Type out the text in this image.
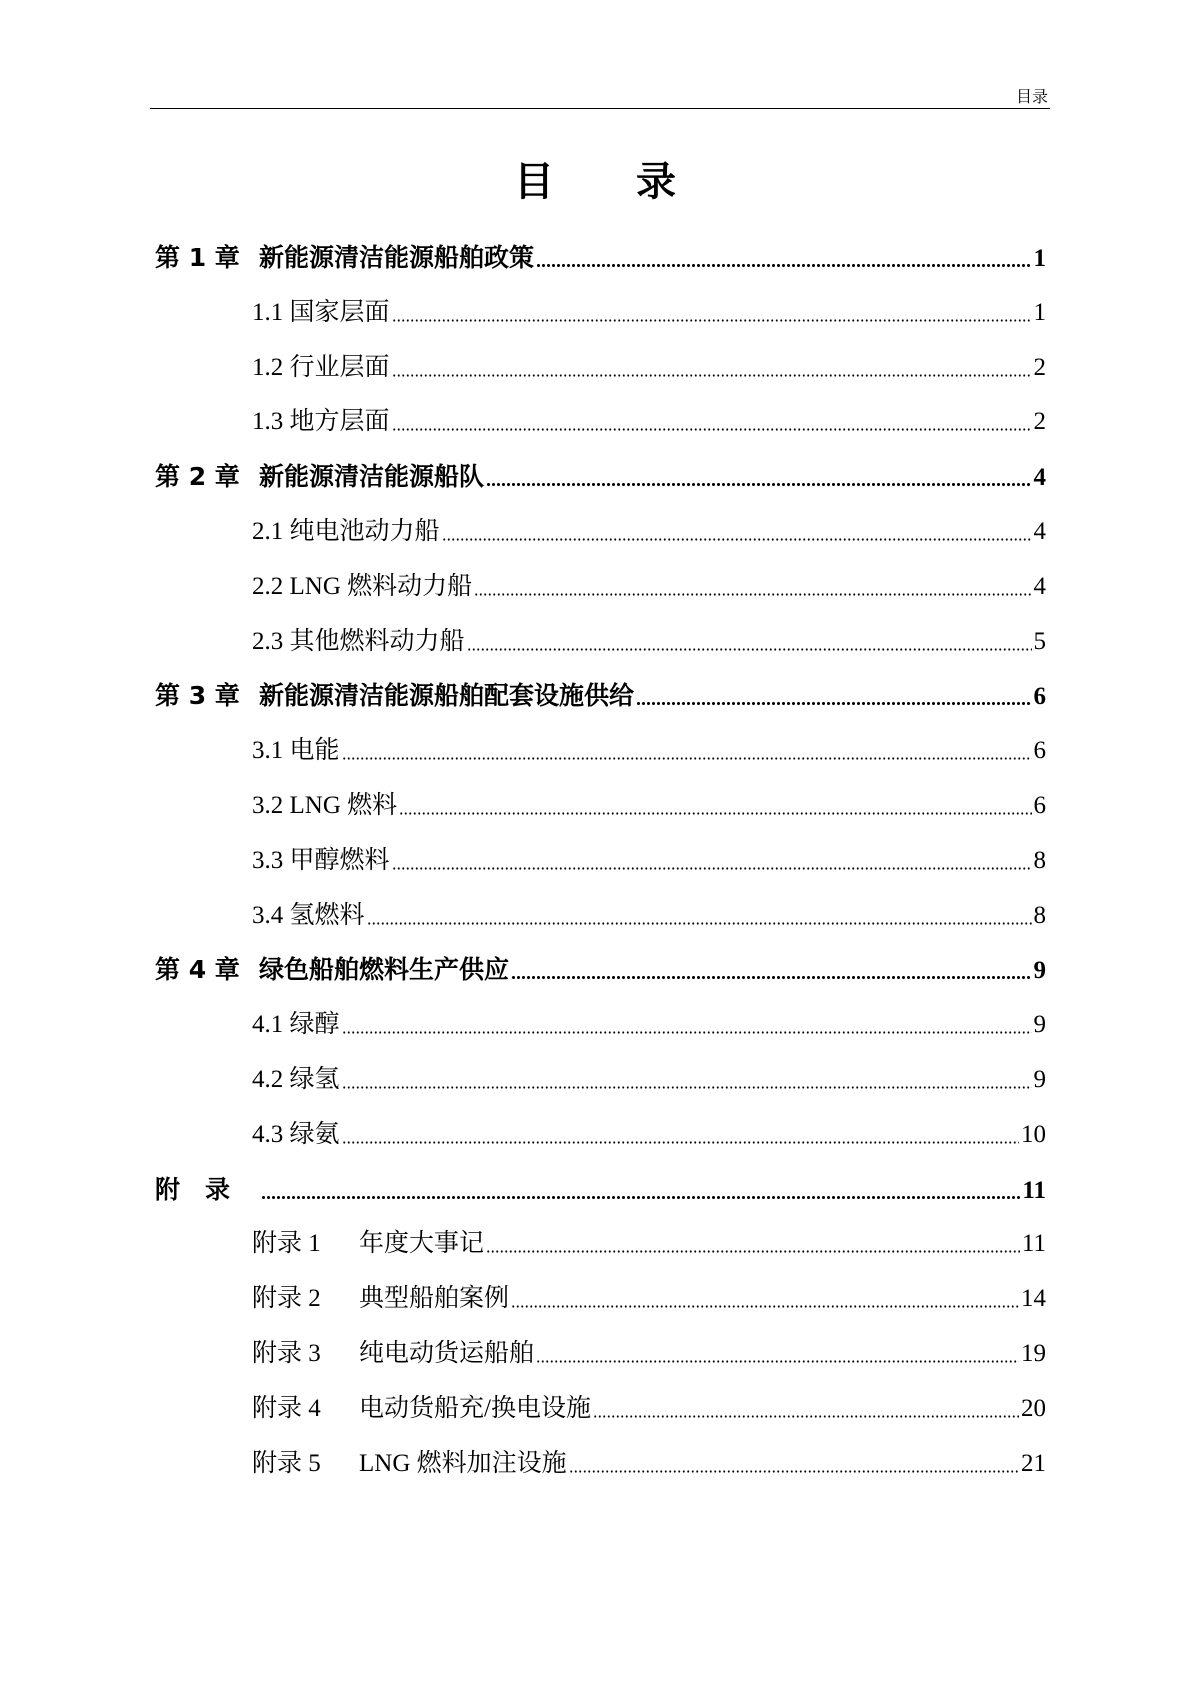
目录
目 录
第 1 章 新能源清洁能源船舶政策	1
1.1 国家层面	1
1.2 行业层面	2
1.3 地方层面	2
第 2 章 新能源清洁能源船队	4
2.1 纯电池动力船	4
2.2 LNG 燃料动力船	4
2.3 其他燃料动力船	5
第 3 章 新能源清洁能源船舶配套设施供给	6
3.1 电能	6
3.2 LNG 燃料	6
3.3 甲醇燃料	8
3.4 氢燃料	8
第 4 章 绿色船舶燃料生产供应	9
4.1 绿醇	9
4.2 绿氢	9
4.3 绿氨	10
附　录	11
附录 1 年度大事记	11
附录 2 典型船舶案例	14
附录 3 纯电动货运船舶	19
附录 4 电动货船充/换电设施	20
附录 5 LNG 燃料加注设施	21
